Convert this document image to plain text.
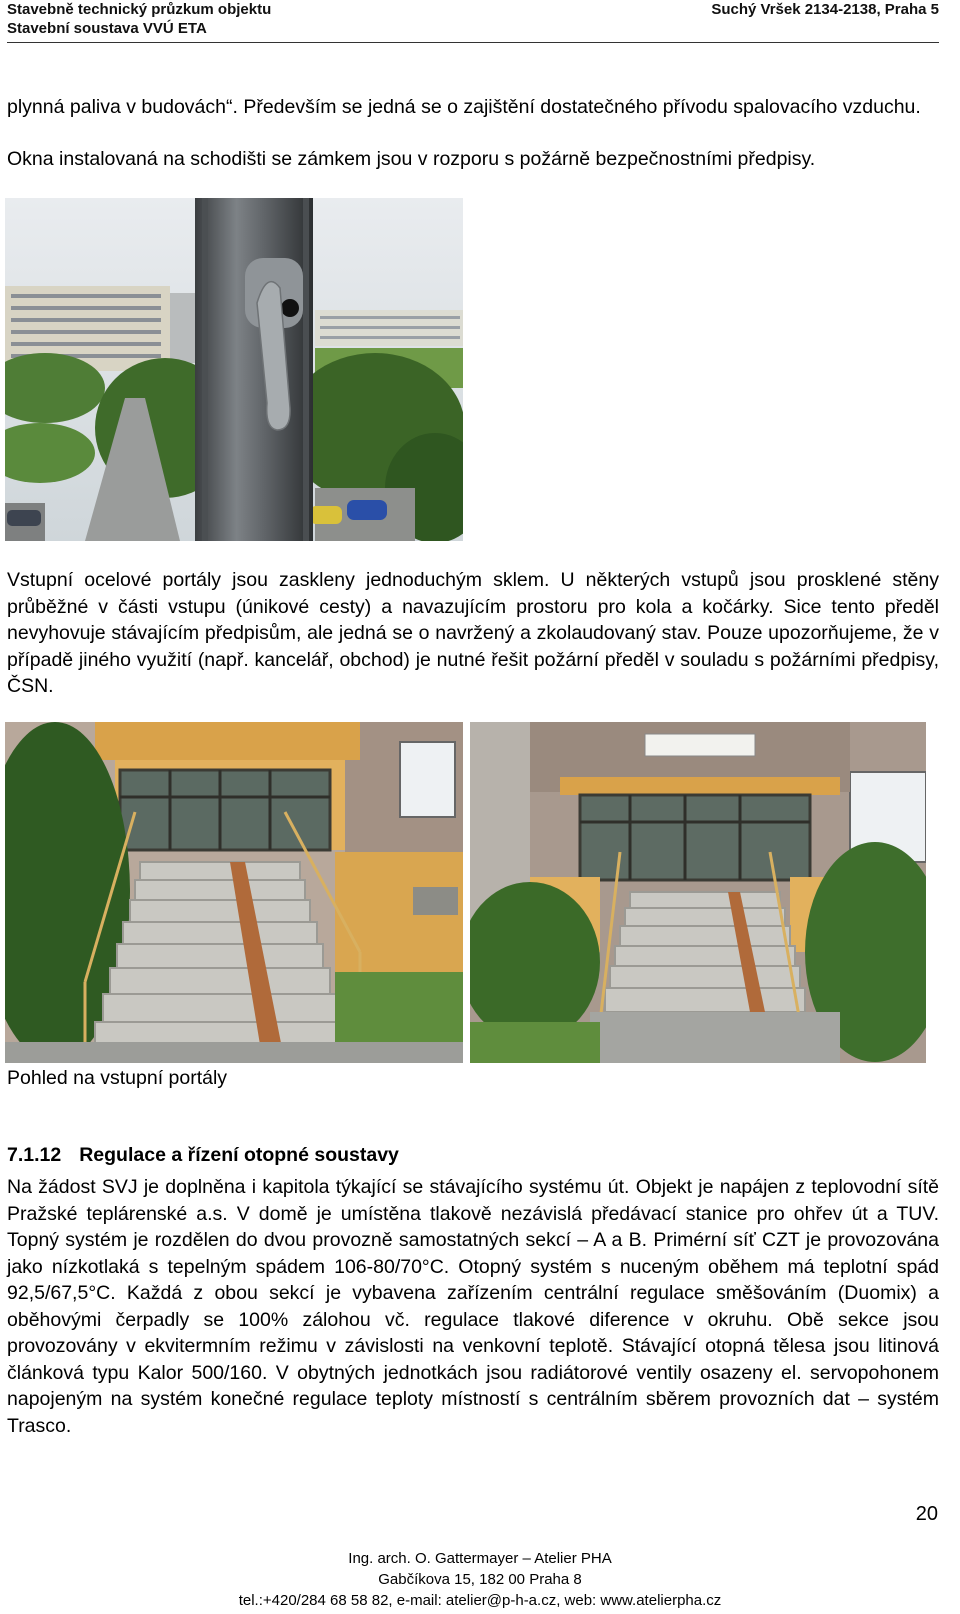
Stavebně technický průzkum objektu
Stavební soustava VVÚ ETA
Suchý Vršek 2134-2138, Praha 5

plynná paliva v budovách“. Především se jedná se o zajištění dostatečného přívodu spalovacího vzduchu.

Okna instalovaná na schodišti se zámkem jsou v rozporu s požárně bezpečnostními předpisy.

Vstupní ocelové portály jsou zaskleny jednoduchým sklem. U některých vstupů jsou prosklené stěny průběžné v části vstupu (únikové cesty) a navazujícím prostoru pro kola a kočárky. Sice tento předěl nevyhovuje stávajícím předpisům, ale jedná se o navržený a zkolaudovaný stav. Pouze upozorňujeme, že v případě jiného využití (např. kancelář, obchod) je nutné řešit požární předěl v souladu s požárními předpisy, ČSN.

Pohled na vstupní portály
7.1.12 Regulace a řízení otopné soustavy

Na žádost SVJ je doplněna i kapitola týkající se stávajícího systému út. Objekt je napájen z teplovodní sítě Pražské teplárenské a.s. V domě je umístěna tlakově nezávislá předávací stanice pro ohřev út a TUV. Topný systém je rozdělen do dvou provozně samostatných sekcí – A a B. Primérní síť CZT je provozována jako nízkotlaká s tepelným spádem 106-80/70°C. Otopný systém s nuceným oběhem má teplotní spád 92,5/67,5°C. Každá z obou sekcí je vybavena zařízením centrální regulace směšováním (Duomix) a oběhovými čerpadly se 100% zálohou vč. regulace tlakové diference v okruhu. Obě sekce jsou provozovány v ekvitermním režimu v závislosti na venkovní teplotě. Stávající otopná tělesa jsou litinová článková typu Kalor 500/160. V obytných jednotkách jsou radiátorové ventily osazeny el. servopohonem napojeným na systém konečné regulace teploty místností s centrálním sběrem provozních dat – systém Trasco.

20
Ing. arch. O. Gattermayer – Atelier PHA
Gabčíkova 15, 182 00 Praha 8
tel.:+420/284 68 58 82, e-mail: atelier@p-h-a.cz, web: www.atelierpha.cz
